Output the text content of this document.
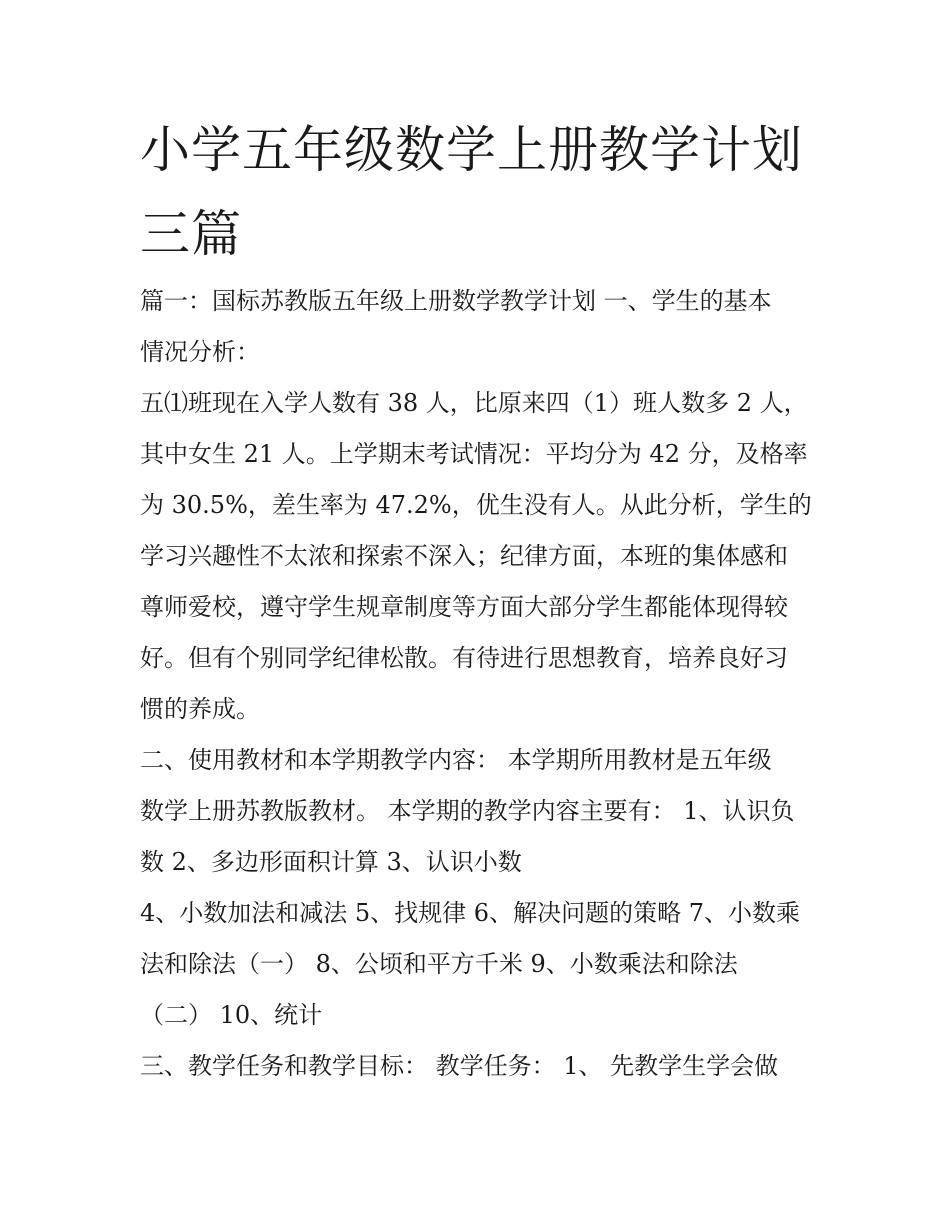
小学五年级数学上册教学计划
三篇
篇一：国标苏教版五年级上册数学教学计划 一、学生的基本
情况分析：
五⑴班现在入学人数有 38 人，比原来四（1）班人数多 2 人，
其中女生 21 人。上学期末考试情况：平均分为 42 分，及格率
为 30.5%，差生率为 47.2%，优生没有人。从此分析，学生的
学习兴趣性不太浓和探索不深入；纪律方面，本班的集体感和
尊师爱校，遵守学生规章制度等方面大部分学生都能体现得较
好。但有个别同学纪律松散。有待进行思想教育，培养良好习
惯的养成。
二、使用教材和本学期教学内容： 本学期所用教材是五年级
数学上册苏教版教材。 本学期的教学内容主要有： 1、认识负
数 2、多边形面积计算 3、认识小数
4、小数加法和减法 5、找规律 6、解决问题的策略 7、小数乘
法和除法（一） 8、公顷和平方千米 9、小数乘法和除法
（二） 10、统计
三、教学任务和教学目标： 教学任务： 1、 先教学生学会做
